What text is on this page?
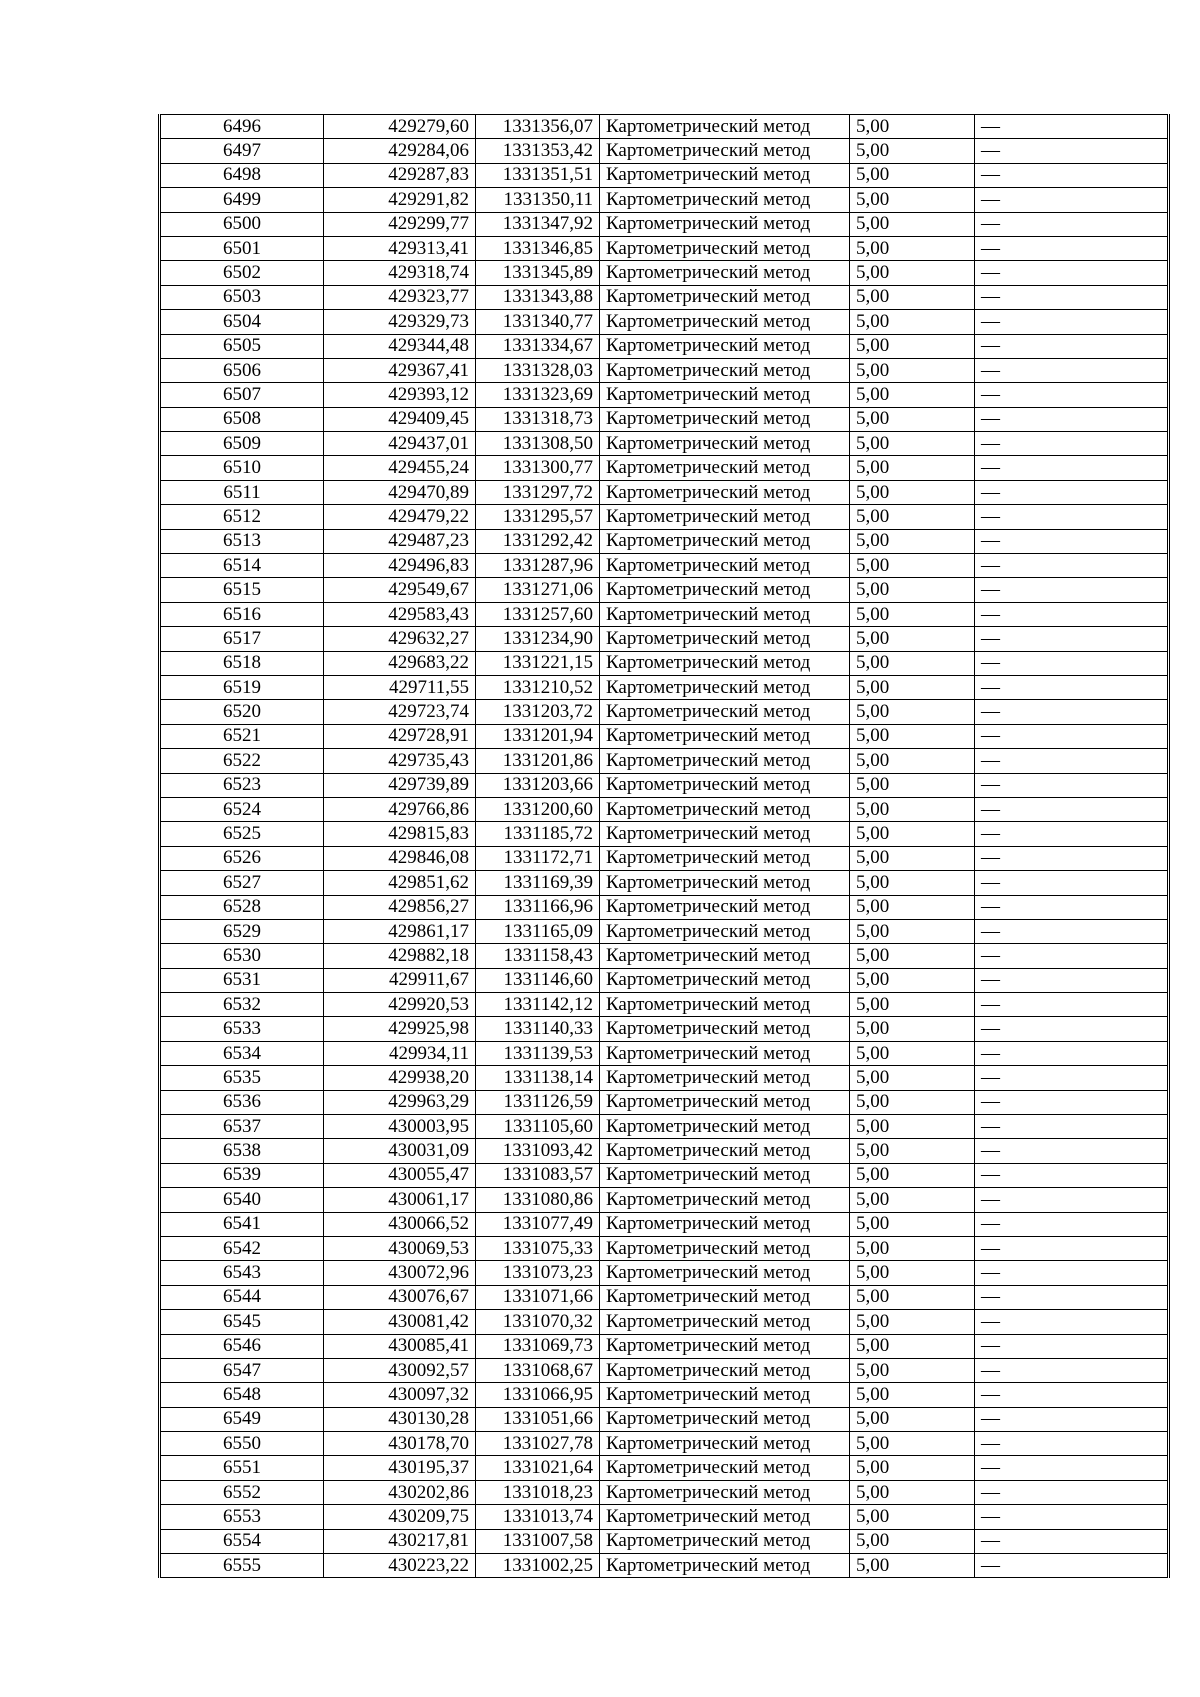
6496	429279,60	1331356,07	Картометрический метод	5,00	—
6497	429284,06	1331353,42	Картометрический метод	5,00	—
6498	429287,83	1331351,51	Картометрический метод	5,00	—
6499	429291,82	1331350,11	Картометрический метод	5,00	—
6500	429299,77	1331347,92	Картометрический метод	5,00	—
6501	429313,41	1331346,85	Картометрический метод	5,00	—
6502	429318,74	1331345,89	Картометрический метод	5,00	—
6503	429323,77	1331343,88	Картометрический метод	5,00	—
6504	429329,73	1331340,77	Картометрический метод	5,00	—
6505	429344,48	1331334,67	Картометрический метод	5,00	—
6506	429367,41	1331328,03	Картометрический метод	5,00	—
6507	429393,12	1331323,69	Картометрический метод	5,00	—
6508	429409,45	1331318,73	Картометрический метод	5,00	—
6509	429437,01	1331308,50	Картометрический метод	5,00	—
6510	429455,24	1331300,77	Картометрический метод	5,00	—
6511	429470,89	1331297,72	Картометрический метод	5,00	—
6512	429479,22	1331295,57	Картометрический метод	5,00	—
6513	429487,23	1331292,42	Картометрический метод	5,00	—
6514	429496,83	1331287,96	Картометрический метод	5,00	—
6515	429549,67	1331271,06	Картометрический метод	5,00	—
6516	429583,43	1331257,60	Картометрический метод	5,00	—
6517	429632,27	1331234,90	Картометрический метод	5,00	—
6518	429683,22	1331221,15	Картометрический метод	5,00	—
6519	429711,55	1331210,52	Картометрический метод	5,00	—
6520	429723,74	1331203,72	Картометрический метод	5,00	—
6521	429728,91	1331201,94	Картометрический метод	5,00	—
6522	429735,43	1331201,86	Картометрический метод	5,00	—
6523	429739,89	1331203,66	Картометрический метод	5,00	—
6524	429766,86	1331200,60	Картометрический метод	5,00	—
6525	429815,83	1331185,72	Картометрический метод	5,00	—
6526	429846,08	1331172,71	Картометрический метод	5,00	—
6527	429851,62	1331169,39	Картометрический метод	5,00	—
6528	429856,27	1331166,96	Картометрический метод	5,00	—
6529	429861,17	1331165,09	Картометрический метод	5,00	—
6530	429882,18	1331158,43	Картометрический метод	5,00	—
6531	429911,67	1331146,60	Картометрический метод	5,00	—
6532	429920,53	1331142,12	Картометрический метод	5,00	—
6533	429925,98	1331140,33	Картометрический метод	5,00	—
6534	429934,11	1331139,53	Картометрический метод	5,00	—
6535	429938,20	1331138,14	Картометрический метод	5,00	—
6536	429963,29	1331126,59	Картометрический метод	5,00	—
6537	430003,95	1331105,60	Картометрический метод	5,00	—
6538	430031,09	1331093,42	Картометрический метод	5,00	—
6539	430055,47	1331083,57	Картометрический метод	5,00	—
6540	430061,17	1331080,86	Картометрический метод	5,00	—
6541	430066,52	1331077,49	Картометрический метод	5,00	—
6542	430069,53	1331075,33	Картометрический метод	5,00	—
6543	430072,96	1331073,23	Картометрический метод	5,00	—
6544	430076,67	1331071,66	Картометрический метод	5,00	—
6545	430081,42	1331070,32	Картометрический метод	5,00	—
6546	430085,41	1331069,73	Картометрический метод	5,00	—
6547	430092,57	1331068,67	Картометрический метод	5,00	—
6548	430097,32	1331066,95	Картометрический метод	5,00	—
6549	430130,28	1331051,66	Картометрический метод	5,00	—
6550	430178,70	1331027,78	Картометрический метод	5,00	—
6551	430195,37	1331021,64	Картометрический метод	5,00	—
6552	430202,86	1331018,23	Картометрический метод	5,00	—
6553	430209,75	1331013,74	Картометрический метод	5,00	—
6554	430217,81	1331007,58	Картометрический метод	5,00	—
6555	430223,22	1331002,25	Картометрический метод	5,00	—
